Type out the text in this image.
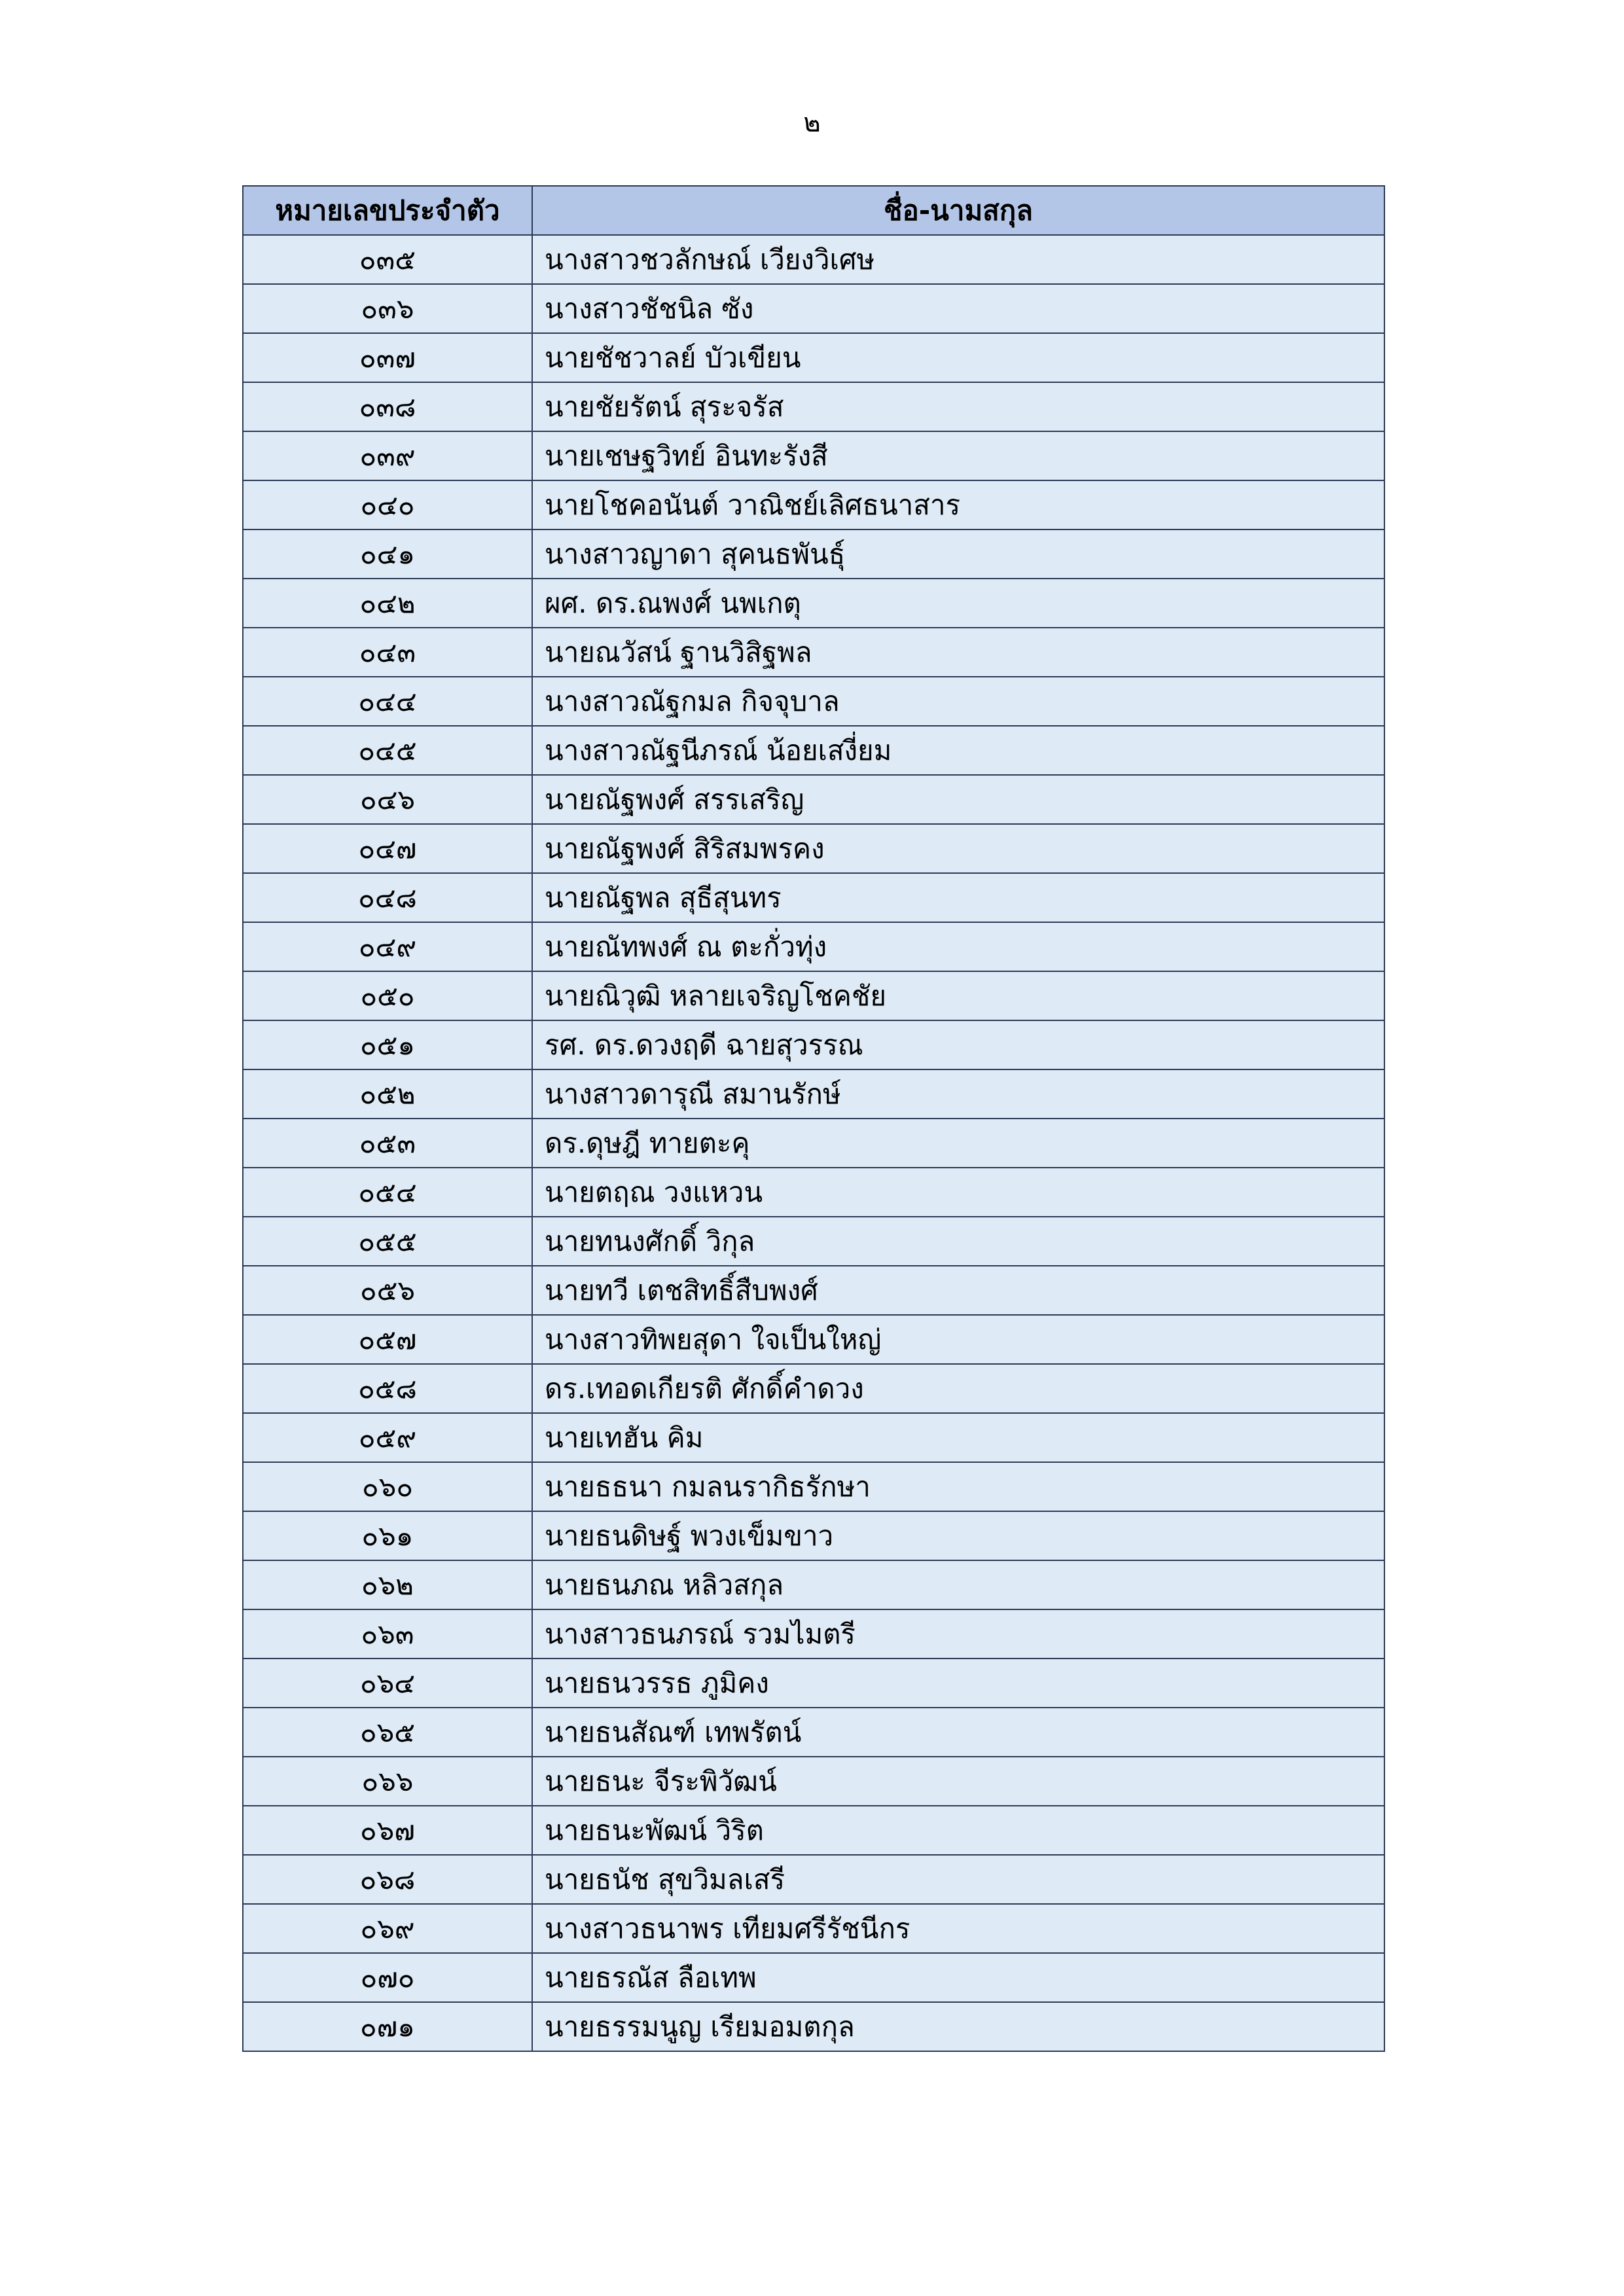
๒
หมายเลขประจำตัว	ชื่อ-นามสกุล
๐๓๕	นางสาวชวลักษณ์ เวียงวิเศษ
๐๓๖	นางสาวชัชนิล ซัง
๐๓๗	นายชัชวาลย์ บัวเขียน
๐๓๘	นายชัยรัตน์ สุระจรัส
๐๓๙	นายเชษฐวิทย์ อินทะรังสี
๐๔๐	นายโชคอนันต์ วาณิชย์เลิศธนาสาร
๐๔๑	นางสาวญาดา สุคนธพันธุ์
๐๔๒	ผศ. ดร.ณพงศ์ นพเกตุ
๐๔๓	นายณวัสน์ ฐานวิสิฐพล
๐๔๔	นางสาวณัฐกมล กิจจุบาล
๐๔๕	นางสาวณัฐนีภรณ์ น้อยเสงี่ยม
๐๔๖	นายณัฐพงศ์ สรรเสริญ
๐๔๗	นายณัฐพงศ์ สิริสมพรคง
๐๔๘	นายณัฐพล สุธีสุนทร
๐๔๙	นายณัทพงศ์ ณ ตะกั่วทุ่ง
๐๕๐	นายณิวุฒิ หลายเจริญโชคชัย
๐๕๑	รศ. ดร.ดวงฤดี ฉายสุวรรณ
๐๕๒	นางสาวดารุณี สมานรักษ์
๐๕๓	ดร.ดุษฎี ทายตะคุ
๐๕๔	นายตฤณ วงแหวน
๐๕๕	นายทนงศักดิ์ วิกุล
๐๕๖	นายทวี เตชสิทธิ์สืบพงศ์
๐๕๗	นางสาวทิพยสุดา ใจเป็นใหญ่
๐๕๘	ดร.เทอดเกียรติ ศักดิ์คำดวง
๐๕๙	นายเทฮัน คิม
๐๖๐	นายธธนา กมลนรากิธรักษา
๐๖๑	นายธนดิษฐ์ พวงเข็มขาว
๐๖๒	นายธนภณ หลิวสกุล
๐๖๓	นางสาวธนภรณ์ รวมไมตรี
๐๖๔	นายธนวรรธ ภูมิคง
๐๖๕	นายธนสัณฑ์ เทพรัตน์
๐๖๖	นายธนะ จีระพิวัฒน์
๐๖๗	นายธนะพัฒน์ วิริต
๐๖๘	นายธนัช สุขวิมลเสรี
๐๖๙	นางสาวธนาพร เทียมศรีรัชนีกร
๐๗๐	นายธรณัส ลือเทพ
๐๗๑	นายธรรมนูญ เรียมอมตกุล
